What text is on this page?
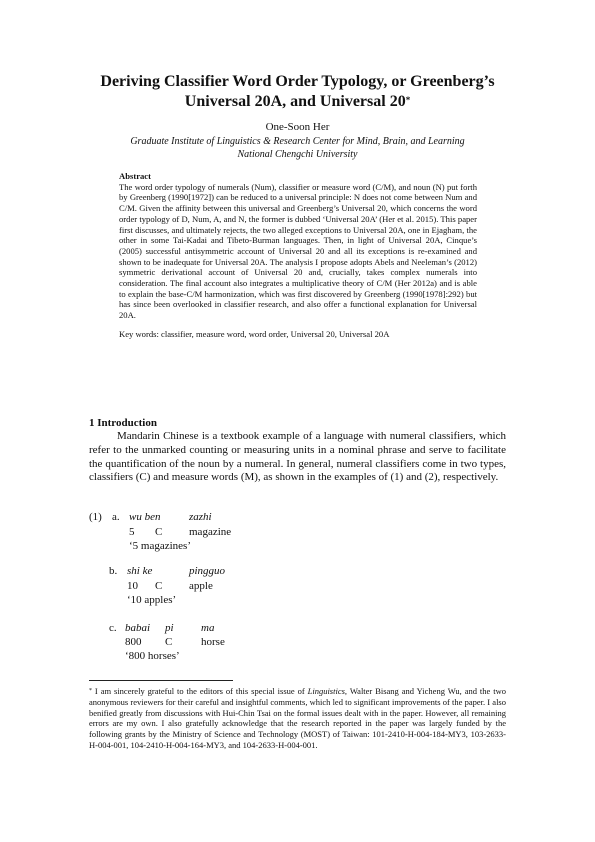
Deriving Classifier Word Order Typology, or Greenberg’s
Universal 20A, and Universal 20*
One-Soon Her
Graduate Institute of Linguistics & Research Center for Mind, Brain, and Learning
National Chengchi University
Abstract

The word order typology of numerals (Num), classifier or measure word (C/M), and noun (N) put forth by Greenberg (1990[1972]) can be reduced to a universal principle: N does not come between Num and C/M. Given the affinity between this universal and Greenberg’s Universal 20, which concerns the word order typology of D, Num, A, and N, the former is dubbed ‘Universal 20A’ (Her et al. 2015). This paper first discusses, and ultimately rejects, the two alleged exceptions to Universal 20A, one in Ejagham, the other in some Tai-Kadai and Tibeto-Burman languages. Then, in light of Universal 20A, Cinque’s (2005) successful antisymmetric account of Universal 20 and all its exceptions is re-examined and shown to be inadequate for Universal 20A. The analysis I propose adopts Abels and Neeleman’s (2012) symmetric derivational account of Universal 20 and, crucially, takes complex numerals into consideration. The final account also integrates a multiplicative theory of C/M (Her 2012a) and is able to explain the base-C/M harmonization, which was first discovered by Greenberg (1990[1978]:292) but has since been overlooked in classifier research, and also offer a functional explanation for Universal 20A.

Key words: classifier, measure word, word order, Universal 20, Universal 20A
1 Introduction

Mandarin Chinese is a textbook example of a language with numeral classifiers, which refer to the unmarked counting or measuring units in a nominal phrase and serve to facilitate the quantification of the noun by a numeral. In general, numeral classifiers come in two types, classifiers (C) and measure words (M), as shown in the examples of (1) and (2), respectively.

(1) a. wu ben	zazhi
5 C magazine
‘5 magazines’
b. shi ke	pingguo
10 C apple
‘10 apples’
c. babai pi ma
800 C	horse
‘800 horses’
* I am sincerely grateful to the editors of this special issue of Linguistics, Walter Bisang and Yicheng Wu, and the two anonymous reviewers for their careful and insightful comments, which led to significant improvements of the paper. I also benified greatly from discussions with Hui-Chin Tsai on the formal issues dealt with in the paper. However, all remaining errors are my own. I also gratefully acknowledge that the research reported in the paper was largely funded by the following grants by the Ministry of Science and Technology (MOST) of Taiwan: 101-2410-H-004-184-MY3, 103-2633-H-004-001, 104-2410-H-004-164-MY3, and 104-2633-H-004-001.
